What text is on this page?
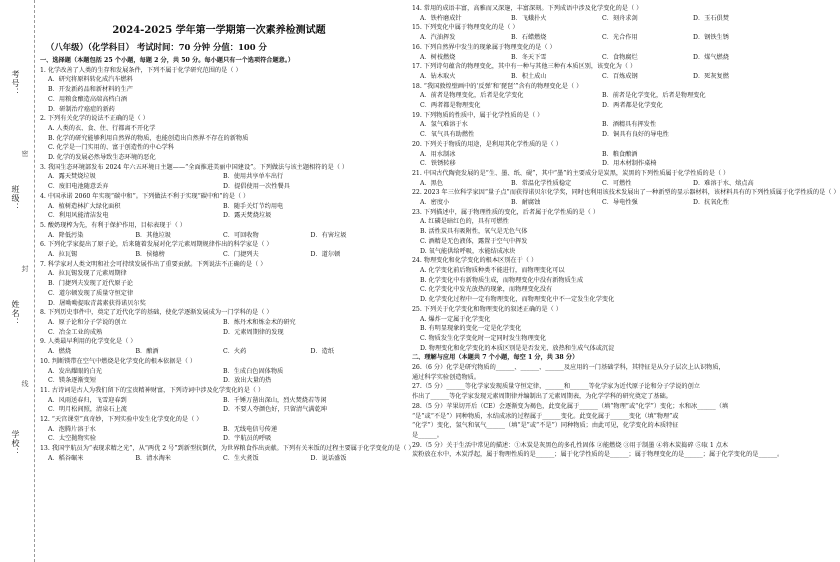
考号：
班级：
姓名：
学校：
密
封
线
2024-2025 学年第一学期第一次素养检测试题
（八年级）（化学科目） 考试时间：70 分钟 分值：100 分
一、选择题（本题包括 25 个小题，每题 2 分，共 50 分。每小题只有一个选项符合题意。）
1. 化学改善了人类的生存和发展条件，下列不属于化学研究范围的是（ ）
A．研究将原料转化成汽车燃料
B．开发新药品和新材料的生产
C．用粮食酿造高端高档白酒
D．研制治疗癌症的新药
2. 下列有关化学的说法不正确的是（ ）
A. 人类的衣、食、住、行都离不开化学
B. 化学的研究能够利用自然界的物质，也能创造出自然界不存在的新物质
C. 化学是一门实用的、富于创造性的中心学科
D. 化学的发展必然导致生态环境的恶化
3. 我国生态环境部发布 2024 年六五环境日主题——“全面推进美丽中国建设”。下列做法与该主题相符的是（ ）
A．露天焚烧垃圾	B．使用共享单车出行
C．废旧电池随意丢弃	D．提倡使用一次性餐具
4. 中国承诺 2060 年实现“碳中和”。下列做法不利于实现“碳中和”的是（ ）
A．植树造林扩大绿化面积	B．随手关灯节约用电
C．利用风能清洁发电	D．露天焚烧垃圾
5. 酸奶现榨为先，有利于保护作用，目标表现于（ ）
A．降低污染	B．其他垃圾	C．可回收物	D．有害垃圾
6. 下列化学家提出了原子论，后来随着发展对化学元素周期规律作出的科学家是（ ）
A．拉瓦锡	B．侯德榜	C．门捷列夫	D．道尔顿
7. 科学家对人类文明和社会可持续发展作出了重要贡献。下列说法不正确的是（ ）
A．拉瓦锡发现了元素周期律
B．门捷列夫发现了近代原子论
C．道尔顿发现了质量守恒定律
D．屠呦呦提取青蒿素获得诺贝尔奖
8. 下列历史事件中，奠定了近代化学的基础，使化学逐渐发展成为一门学科的是（ ）
A．原子论和分子学说的创立	B．炼丹术和炼金术的研究
C．冶金工业的成熟	D．元素周期律的发现
9. 人类最早利用的化学变化是（ ）
A．燃烧	B．酿酒	C．火药	D．造纸
10. 判断镁带在空气中燃烧是化学变化的根本依据是（ ）
A．发出耀眼的白光	B．生成白色固体物质
C．镁条逐渐变短	D．放出大量的热
11. 古诗词是古人为我们留下的宝贵精神财富，下列诗词中涉及化学变化的是（ ）
A．风雨送春归，飞雪迎春到	B．千锤万凿出深山，烈火焚烧若等闲
C．明月松间照，清泉石上流	D．不要人夸颜色好，只留清气满乾坤
12. “天宫课堂”真奇妙，下列实验中发生化学变化的是（ ）
A．泡腾片溶于水	B．无线电信号传递
C．太空抛物实验	D．宇航员的呼吸
13. 我国宇航员为“表现求精之光”，从“两优 2 号”到新型抗倒伏，为世界粮食作出贡献。下列有关米饭的过程主要属于化学变化的是（ ）
A．稻谷碾米	B．清水淘米	C．生火煮饭	D．说话盛饭
14. 常用的成语丰富，高雅而又深邃，丰富深刻。下列成语中涉及化学变化的是（ ）
A．铁杵磨成针	B．飞蛾扑火	C．刻舟求剑	D．玉石俱焚
15. 下列变化中属于物理变化的是（ ）
A．汽油挥发	B．石蜡燃烧	C．光合作用	D．钢铁生锈
16. 下列自然界中发生的现象属于物理变化的是（ ）
A．树枝燃烧	B．冬天下雪	C．食物腐烂	D．煤气燃烧
17. 下列诗句蕴含的物理变化，其中有一种与其他三种有本质区别，该变化为（ ）
A．钻木取火	B．积土成山	C．百炼成钢	D．死灰复燃
18. “我国敦煌壁画中的‘反弹’和‘琵琶’”含有的物理变化是（ ）
A．前者是物理变化，后者是化学变化	B．前者是化学变化，后者是物理变化
C．两者都是物理变化	D．两者都是化学变化
19. 下列物质的性质中，属于化学性质的是（ ）
A．氢气难溶于水	B．酒精具有挥发性
C．氧气具有助燃性	D．铜具有良好的导电性
20. 下列关于物质的用途，是利用其化学性质的是（ ）
A．用水制冰	B．粮食酿酒
C．铁锈转移	D．用木材制作桌椅
21. 中国古代陶瓷发展的是“生、墨、纸、砚”，其中“墨”的主要成分是炭黑，炭黑的下列性质属于化学性质的是（ ）
A．黑色	B．常温化学性质稳定	C．可燃性	D．难溶于水、熔点高
22. 2023 年三位科学家因“量子点”而获得诺贝尔化学奖，同时也利用该技术发展出了一种新型的显示器材料，该材料具有的下列性质属于化学性质的是（ ）
A．密度小	B．耐腐蚀	C．导电性强	D．抗氧化性
23. 下列描述中，属于物理性质的变化，后者属于化学性质的是（ ）
A. 红磷是暗红色的，具有可燃性
B. 活性炭具有吸附性，氧气是无色气体
C. 酒精是无色液体，露置于空气中挥发
D. 氧气能供给呼吸，水能结成冰块
24. 物理变化和化学变化的根本区别在于（ ）
A. 化学变化前后物质种类不能进行，而物理变化可以
B. 化学变化中有新物质生成，而物理变化中没有新物质生成
C. 化学变化中发光放热的现象，而物理变化没有
D. 化学变化过程中一定有物理变化，而物理变化中不一定发生化学变化
25. 下列关于化学变化和物理变化的叙述正确的是（ ）
A. 爆炸一定属于化学变化
B. 有明显现象的变化一定是化学变化
C. 物质发生化学变化时一定同时发生物理变化
D. 物理变化和化学变化的本质区别是是否发光、放热和生成气体或沉淀
二、理解与应用（本题共 7 个小题，每空 1 分，共 38 分）
26.（6 分）化学是研究物质的______、______、______及应用的一门基础学科，其特征是从分子层次上认识物质，
通过科学实验创造物质。
27.（5 分）______等化学家发现质量守恒定律，______和______等化学家为近代原子论和分子学说的创立
作出了______等化学家发现元素周期律并编制出了元素周期表，为化学学科的研究奠定了基础。
28.（5 分）苹果切开后（CE）会逐渐变为褐色，此变化属于______（填“物理”或“化学”）变化；水和冰______（填
“是”或“不是”）同种物质，水结成冰的过程属于______变化。此变化属于______变化（填“物理”或
“化学”）变化，氢气和氧气______（填“是”或“不是”）同种物质；由此可见，化学变化的本质特征
是______。
29.（5 分）关于生活中常见的描述：①木炭是灰黑色的多孔性固体 ②能燃烧 ③用于制墨 ④将木炭捣碎 ⑤取 1 点木
炭粉放在水中，木炭浮起，属于物理性质的是______；属于化学性质的是______；属于物理变化的是______；属于化学变化的是______。
